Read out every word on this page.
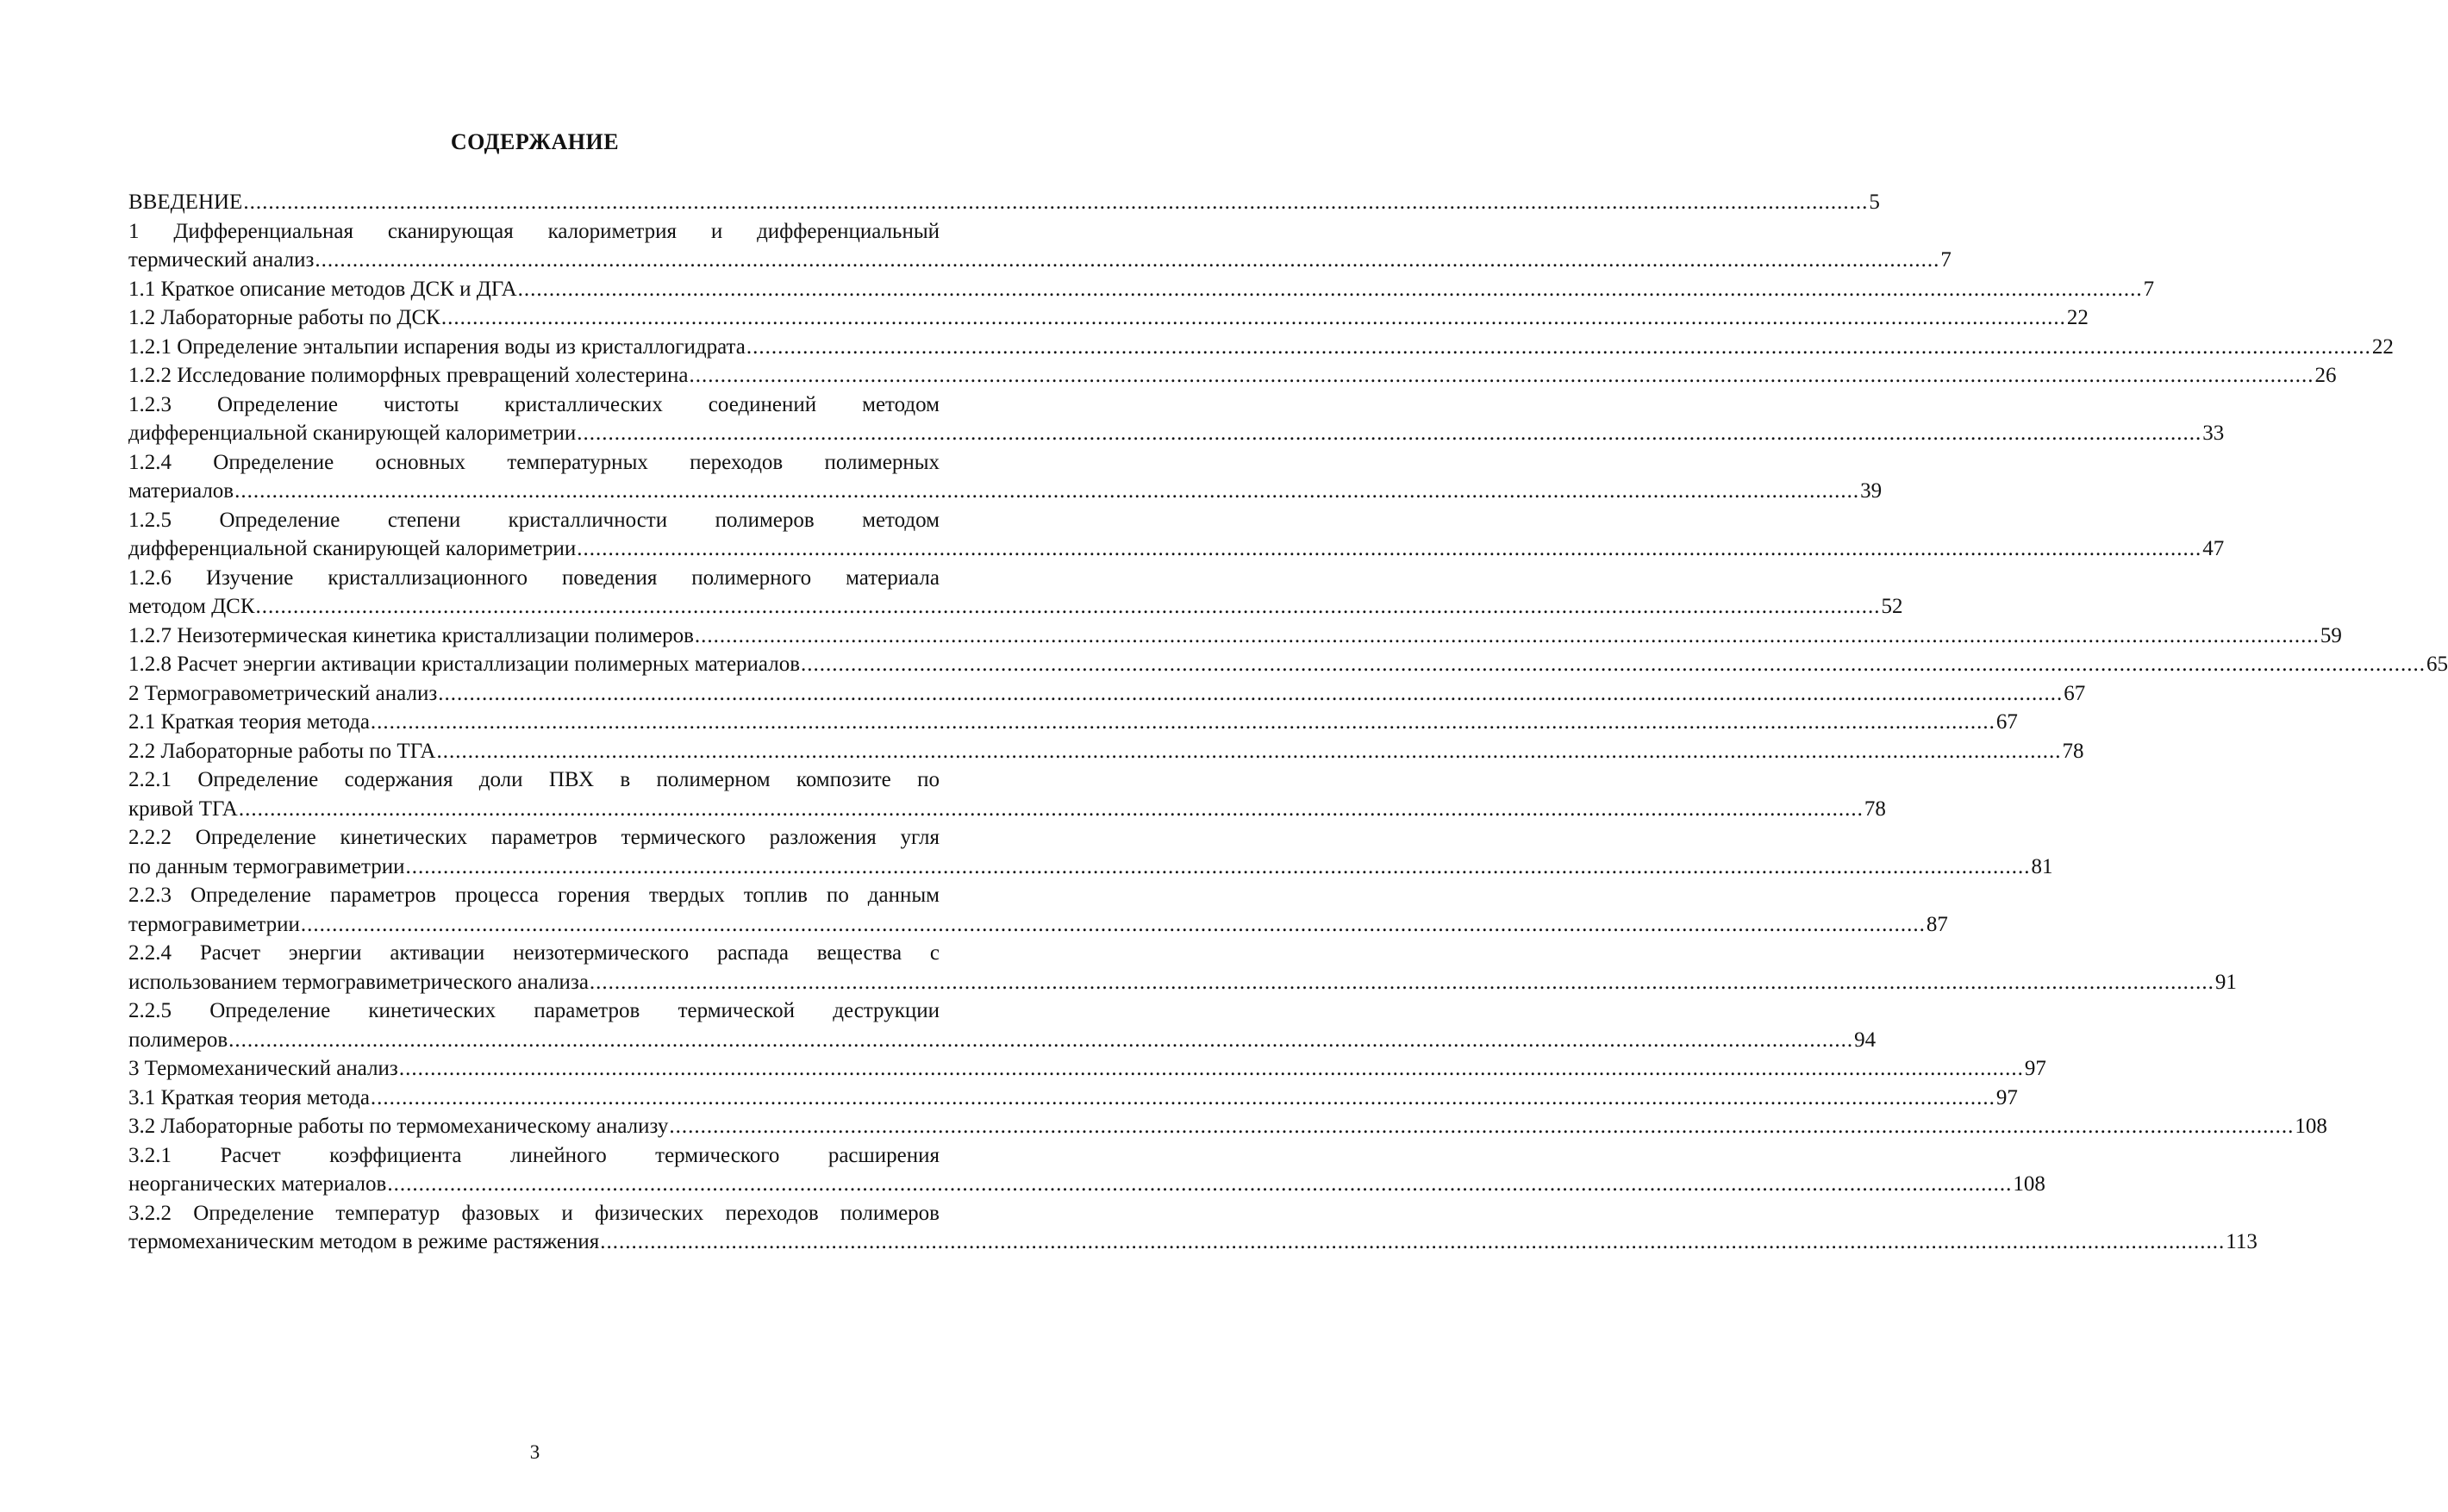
СОДЕРЖАНИЕ
ВВЕДЕНИЕ .................................................................................................................................................................................................................................................................... 5
1 Дифференциальная сканирующая калориметрия и дифференциальный
термический анализ .................................................................................................................................................................................................................................................................... 7
1.1 Краткое описание методов ДСК и ДГА .................................................................................................................................................................................................................................................................... 7
1.2 Лабораторные работы по ДСК .................................................................................................................................................................................................................................................................... 22
1.2.1 Определение энтальпии испарения воды из кристаллогидрата .................................................................................................................................................................................................................................................................... 22
1.2.2 Исследование полиморфных превращений холестерина .................................................................................................................................................................................................................................................................... 26
1.2.3 Определение чистоты кристаллических соединений методом
дифференциальной сканирующей калориметрии .................................................................................................................................................................................................................................................................... 33
1.2.4 Определение основных температурных переходов полимерных
материалов .................................................................................................................................................................................................................................................................... 39
1.2.5 Определение степени кристалличности полимеров методом
дифференциальной сканирующей калориметрии .................................................................................................................................................................................................................................................................... 47
1.2.6 Изучение кристаллизационного поведения полимерного материала
методом ДСК .................................................................................................................................................................................................................................................................... 52
1.2.7 Неизотермическая кинетика кристаллизации полимеров .................................................................................................................................................................................................................................................................... 59
1.2.8 Расчет энергии активации кристаллизации полимерных материалов .................................................................................................................................................................................................................................................................... 65
2 Термогравометрический анализ .................................................................................................................................................................................................................................................................... 67
2.1 Краткая теория метода .................................................................................................................................................................................................................................................................... 67
2.2 Лабораторные работы по ТГА .................................................................................................................................................................................................................................................................... 78
2.2.1 Определение содержания доли ПВХ в полимерном композите по
кривой ТГА .................................................................................................................................................................................................................................................................... 78
2.2.2 Определение кинетических параметров термического разложения угля
по данным термогравиметрии .................................................................................................................................................................................................................................................................... 81
2.2.3 Определение параметров процесса горения твердых топлив по данным
термогравиметрии .................................................................................................................................................................................................................................................................... 87
2.2.4 Расчет энергии активации неизотермического распада вещества с
использованием термогравиметрического анализа .................................................................................................................................................................................................................................................................... 91
2.2.5 Определение кинетических параметров термической деструкции
полимеров .................................................................................................................................................................................................................................................................... 94
3 Термомеханический анализ .................................................................................................................................................................................................................................................................... 97
3.1 Краткая теория метода .................................................................................................................................................................................................................................................................... 97
3.2 Лабораторные работы по термомеханическому анализу .................................................................................................................................................................................................................................................................... 108
3.2.1 Расчет коэффициента линейного термического расширения
неорганических материалов .................................................................................................................................................................................................................................................................... 108
3.2.2 Определение температур фазовых и физических переходов полимеров
термомеханическим методом в режиме растяжения .................................................................................................................................................................................................................................................................... 113
3
